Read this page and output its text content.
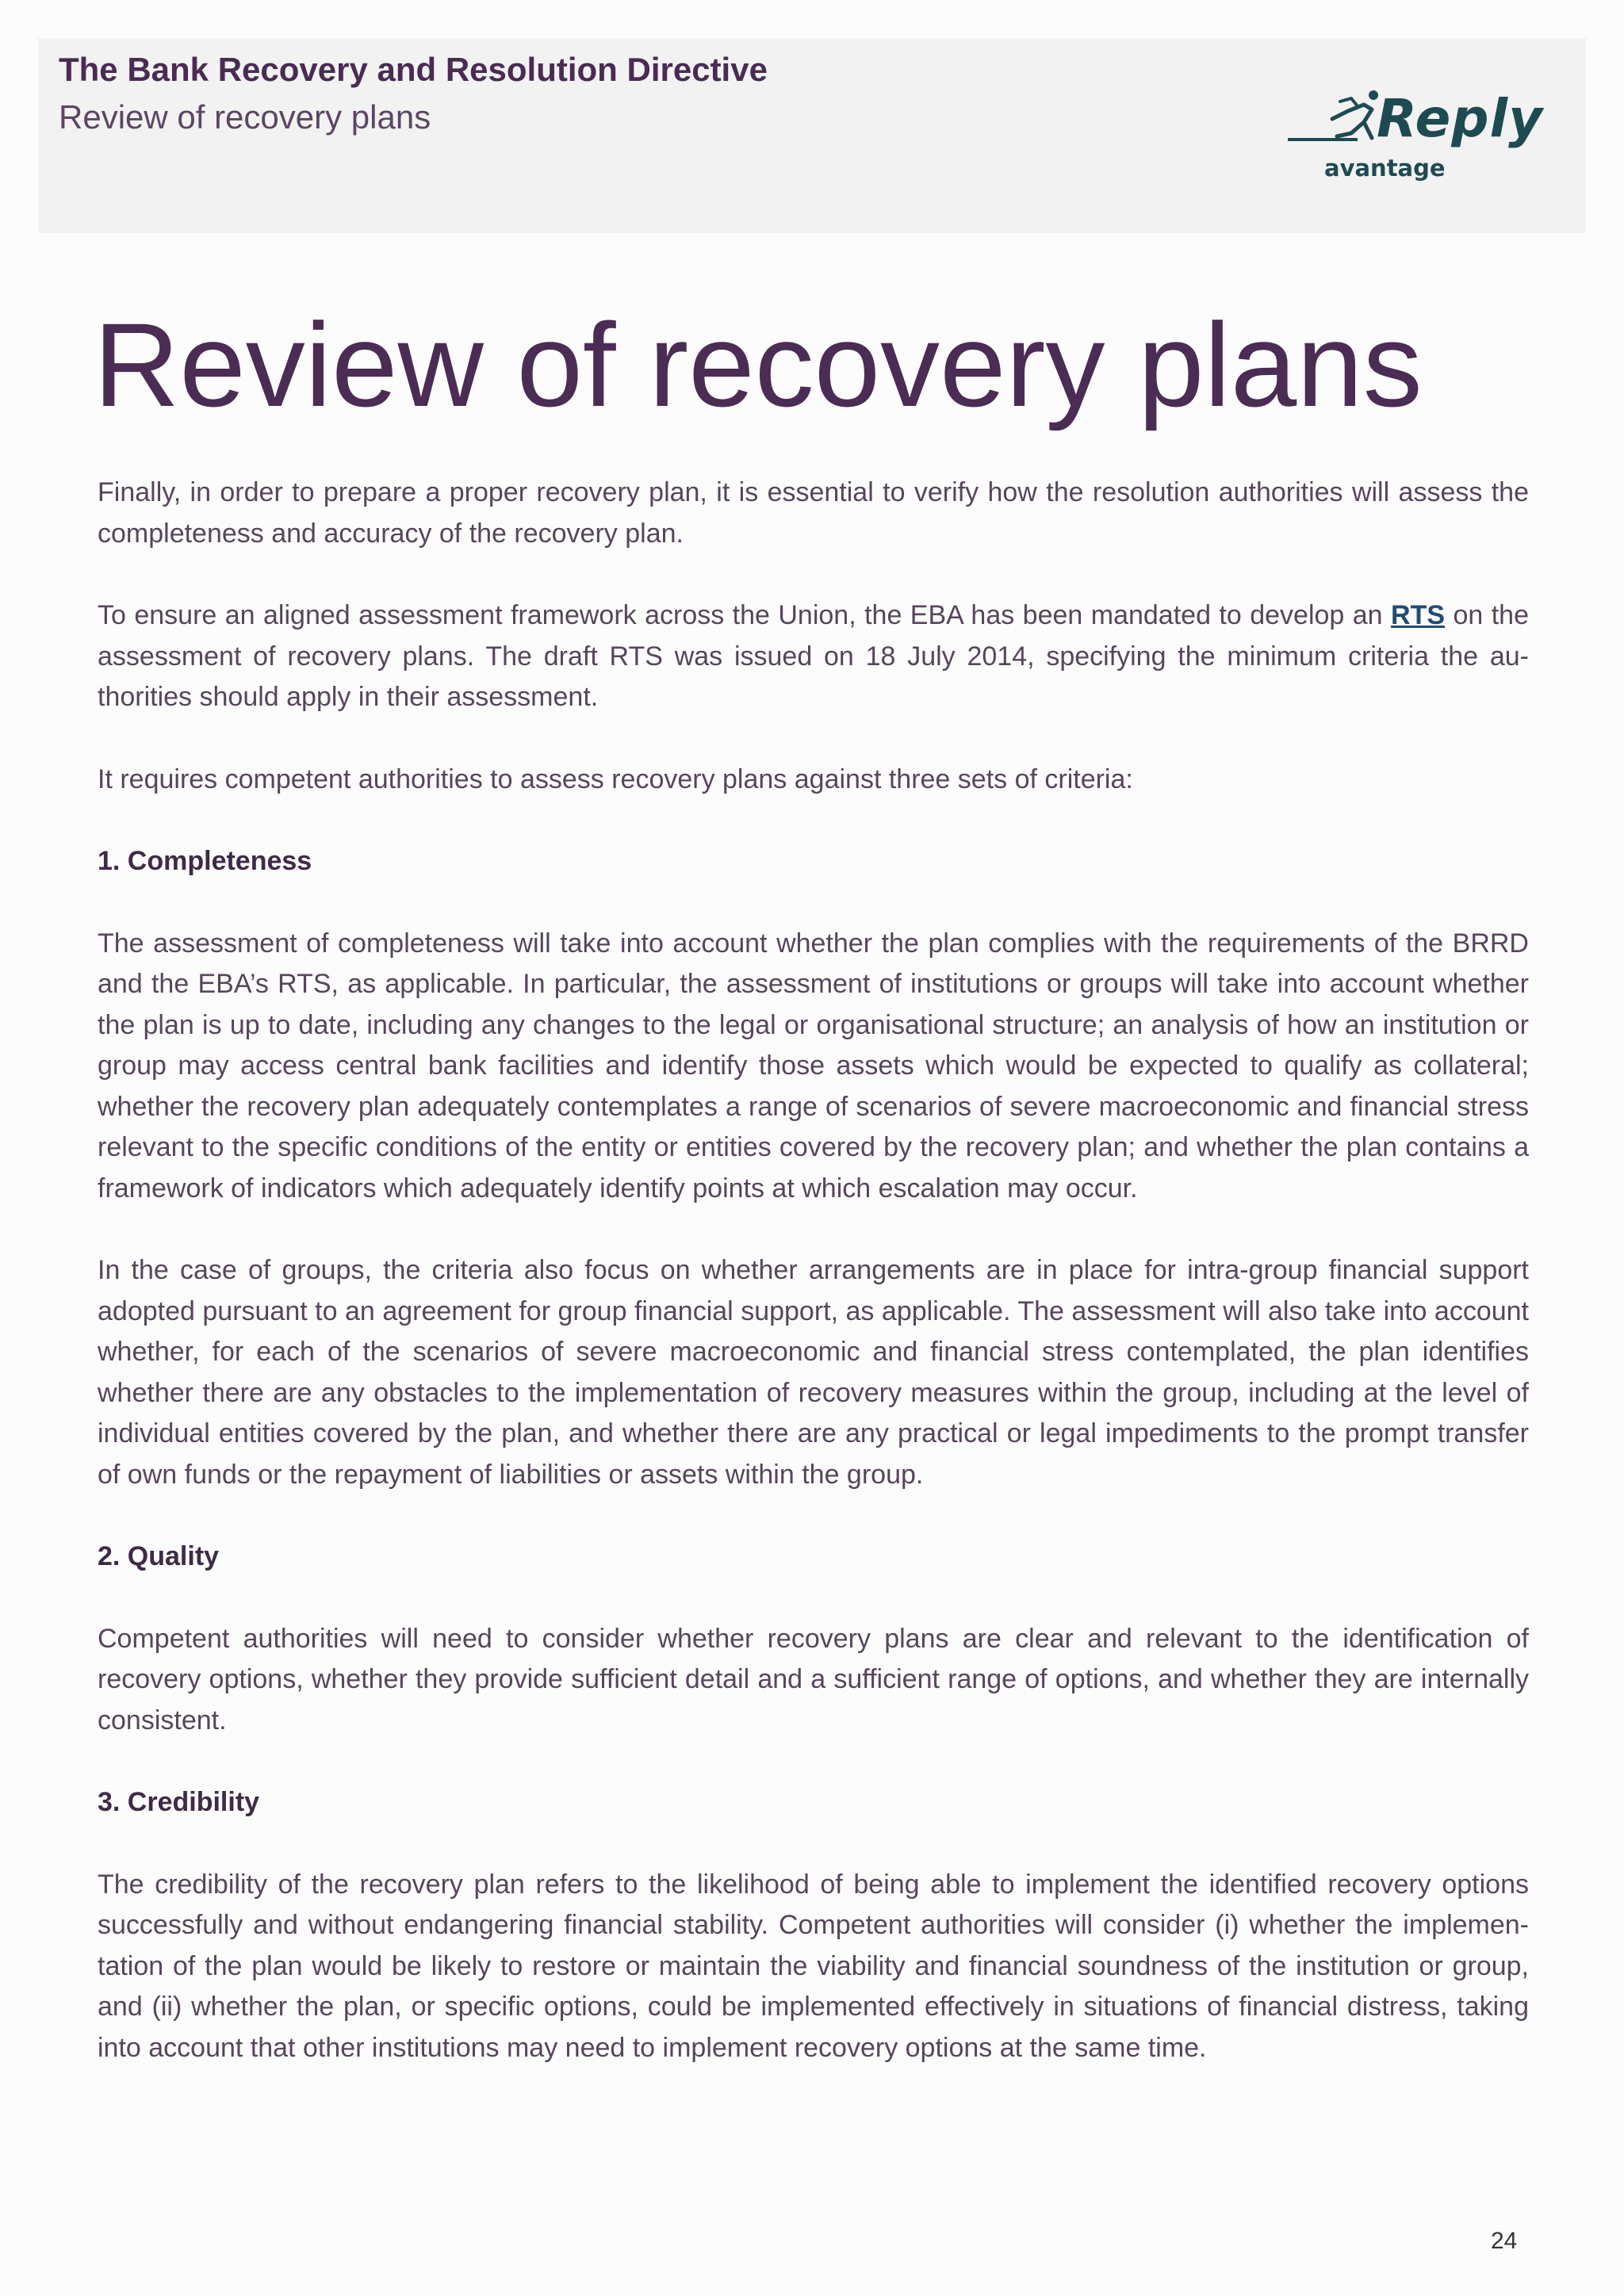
The Bank Recovery and Resolution Directive
Review of recovery plans	Reply
avantage
Review of recovery plans

Finally, in order to prepare a proper recovery plan, it is essential to verify how the resolution authorities will assess the completeness and accuracy of the recovery plan.

To ensure an aligned assessment framework across the Union, the EBA has been mandated to develop an RTS on the assessment of recovery plans. The draft RTS was issued on 18 July 2014, specifying the minimum criteria the authorities should apply in their assessment.

It requires competent authorities to assess recovery plans against three sets of criteria:

1. Completeness

The assessment of completeness will take into account whether the plan complies with the requirements of the BRRD and the EBA’s RTS, as applicable. In particular, the assessment of institutions or groups will take into account whether the plan is up to date, including any changes to the legal or organisational structure; an analysis of how an institution or group may access central bank facilities and identify those assets which would be expected to qualify as collateral; whether the recovery plan adequately contemplates a range of scenarios of severe macroeconomic and financial stress relevant to the specific conditions of the entity or entities covered by the recovery plan; and whether the plan contains a framework of indicators which adequately identify points at which escalation may occur.

In the case of groups, the criteria also focus on whether arrangements are in place for intra-group financial support adopted pursuant to an agreement for group financial support, as applicable. The assessment will also take into account whether, for each of the scenarios of severe macroeconomic and financial stress contemplated, the plan identifies whether there are any obstacles to the implementation of recovery measures within the group, including at the level of individual entities covered by the plan, and whether there are any practical or legal impediments to the prompt transfer of own funds or the repayment of liabilities or assets within the group.

2. Quality

Competent authorities will need to consider whether recovery plans are clear and relevant to the identification of recovery options, whether they provide sufficient detail and a sufficient range of options, and whether they are internally consistent.

3. Credibility

The credibility of the recovery plan refers to the likelihood of being able to implement the identified recovery options successfully and without endangering financial stability. Competent authorities will consider (i) whether the implementation of the plan would be likely to restore or maintain the viability and financial soundness of the institution or group, and (ii) whether the plan, or specific options, could be implemented effectively in situations of financial distress, taking into account that other institutions may need to implement recovery options at the same time.

24
